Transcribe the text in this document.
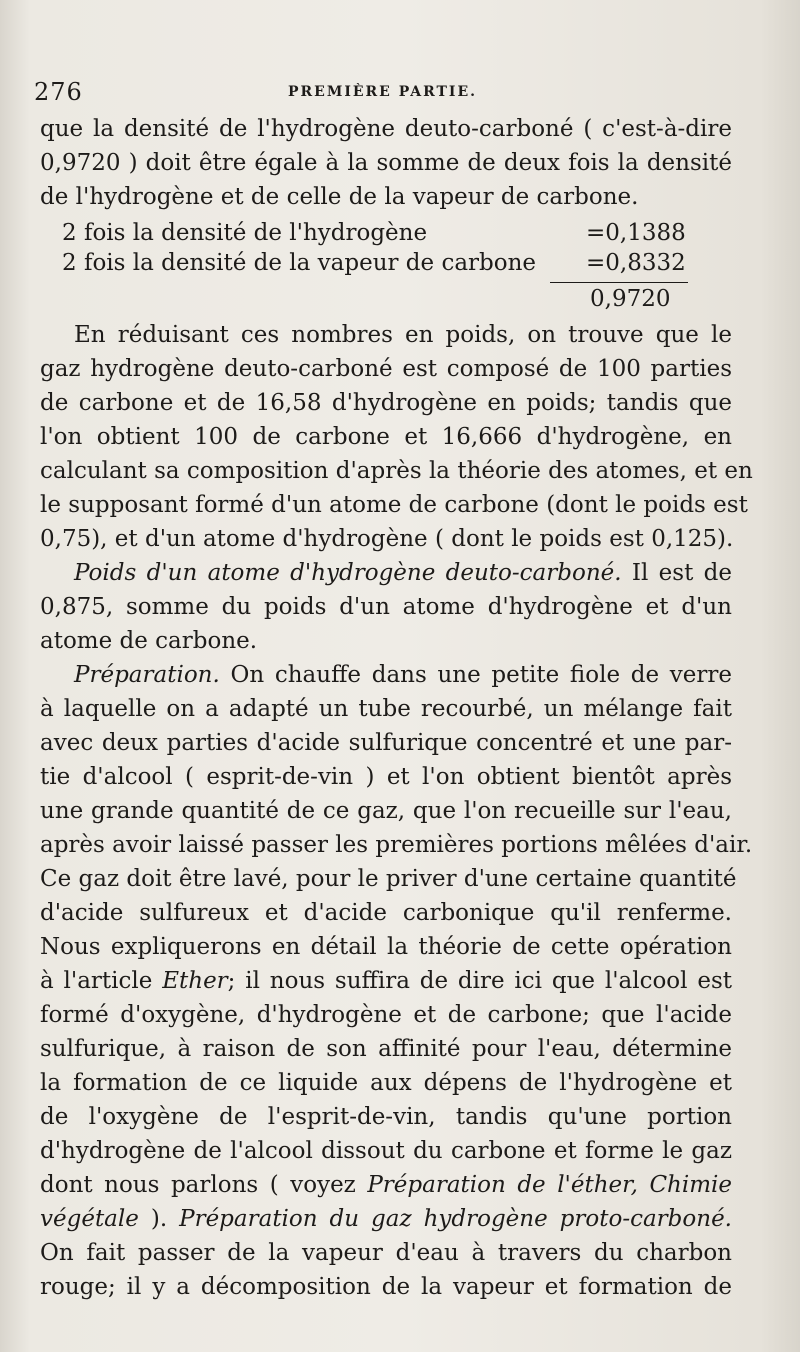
276	PREMIÈRE PARTIE.
que la densité de l'hydrogène deuto-carboné ( c'est-à-dire
0,9720 ) doit être égale à la somme de deux fois la densité
de l'hydrogène et de celle de la vapeur de carbone.
2 fois la densité de l'hydrogène	=0,1388
2 fois la densité de la vapeur de carbone =0,8332
0,9720
En réduisant ces nombres en poids, on trouve que le
gaz hydrogène deuto-carboné est composé de 100 parties
de carbone et de 16,58 d'hydrogène en poids; tandis que
l'on obtient 100 de carbone et 16,666 d'hydrogène, en
calculant sa composition d'après la théorie des atomes, et en
le supposant formé d'un atome de carbone (dont le poids est
0,75), et d'un atome d'hydrogène ( dont le poids est 0,125).
Poids d'un atome d'hydrogène deuto-carboné. Il est de
0,875, somme du poids d'un atome d'hydrogène et d'un
atome de carbone.
Préparation. On chauffe dans une petite fiole de verre
à laquelle on a adapté un tube recourbé, un mélange fait
avec deux parties d'acide sulfurique concentré et une par-
tie d'alcool ( esprit-de-vin ) et l'on obtient bientôt après
une grande quantité de ce gaz, que l'on recueille sur l'eau,
après avoir laissé passer les premières portions mêlées d'air.
Ce gaz doit être lavé, pour le priver d'une certaine quantité
d'acide sulfureux et d'acide carbonique qu'il renferme.
Nous expliquerons en détail la théorie de cette opération
à l'article Ether; il nous suffira de dire ici que l'alcool est
formé d'oxygène, d'hydrogène et de carbone; que l'acide
sulfurique, à raison de son affinité pour l'eau, détermine
la formation de ce liquide aux dépens de l'hydrogène et
de l'oxygène de l'esprit-de-vin, tandis qu'une portion
d'hydrogène de l'alcool dissout du carbone et forme le gaz
dont nous parlons ( voyez Préparation de l'éther, Chimie
végétale ). Préparation du gaz hydrogène proto-carboné.
On fait passer de la vapeur d'eau à travers du charbon
rouge; il y a décomposition de la vapeur et formation de
